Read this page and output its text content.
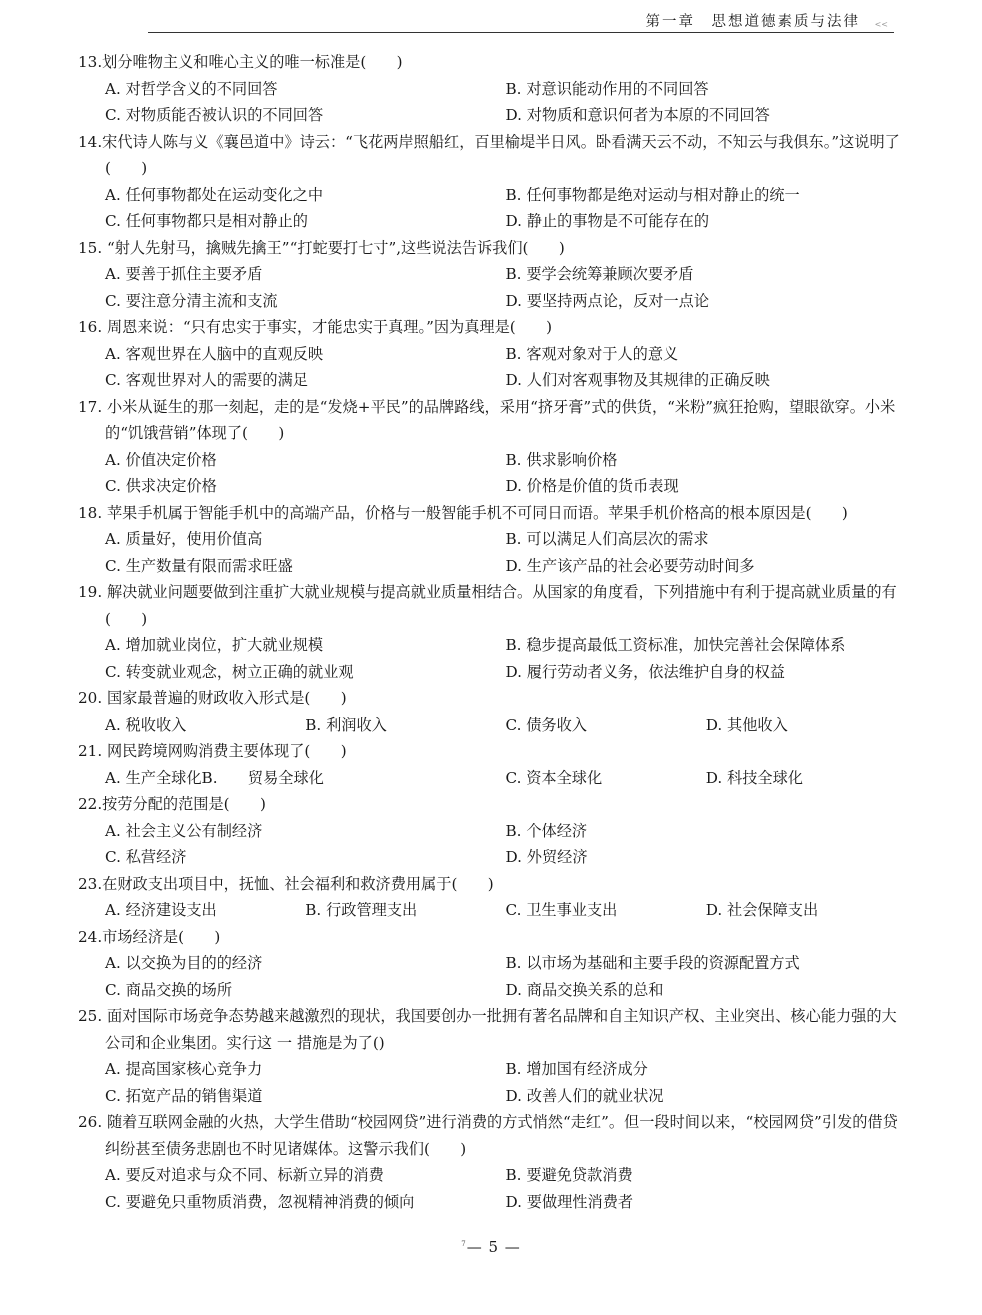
第一章　思想道德素质与法律 <<
13.划分唯物主义和唯心主义的唯一标准是(　　)
A. 对哲学含义的不同回答	B. 对意识能动作用的不同回答
C. 对物质能否被认识的不同回答	D. 对物质和意识何者为本原的不同回答
14.宋代诗人陈与义《襄邑道中》诗云：“飞花两岸照船红，百里榆堤半日风。卧看满天云不动，不知云与我俱东。”这说明了(　　)
A. 任何事物都处在运动变化之中	B. 任何事物都是绝对运动与相对静止的统一
C. 任何事物都只是相对静止的	D. 静止的事物是不可能存在的
15. “射人先射马，擒贼先擒王”“打蛇要打七寸”,这些说法告诉我们(　　)
A. 要善于抓住主要矛盾	B. 要学会统筹兼顾次要矛盾
C. 要注意分清主流和支流	D. 要坚持两点论，反对一点论
16. 周恩来说：“只有忠实于事实，才能忠实于真理。”因为真理是(　　)
A. 客观世界在人脑中的直观反映	B. 客观对象对于人的意义
C. 客观世界对人的需要的满足	D. 人们对客观事物及其规律的正确反映
17. 小米从诞生的那一刻起，走的是“发烧+平民”的品牌路线，采用“挤牙膏”式的供货，“米粉”疯狂抢购，望眼欲穿。小米的“饥饿营销”体现了(　　)
A. 价值决定价格	B. 供求影响价格
C. 供求决定价格	D. 价格是价值的货币表现
18. 苹果手机属于智能手机中的高端产品，价格与一般智能手机不可同日而语。苹果手机价格高的根本原因是(　　)
A. 质量好，使用价值高	B. 可以满足人们高层次的需求
C. 生产数量有限而需求旺盛	D. 生产该产品的社会必要劳动时间多
19. 解决就业问题要做到注重扩大就业规模与提高就业质量相结合。从国家的角度看，下列措施中有利于提高就业质量的有(　　)
A. 增加就业岗位，扩大就业规模	B. 稳步提高最低工资标准，加快完善社会保障体系
C. 转变就业观念，树立正确的就业观	D. 履行劳动者义务，依法维护自身的权益
20. 国家最普遍的财政收入形式是(　　)
A. 税收收入	B. 利润收入	C. 债务收入	D. 其他收入
21. 网民跨境网购消费主要体现了(　　)
A. 生产全球化B.　　贸易全球化	C. 资本全球化	D. 科技全球化
22.按劳分配的范围是(　　)
A. 社会主义公有制经济	B. 个体经济
C. 私营经济	D. 外贸经济
23.在财政支出项目中，抚恤、社会福利和救济费用属于(　　)
A. 经济建设支出	B. 行政管理支出	C. 卫生事业支出	D. 社会保障支出
24.市场经济是(　　)
A. 以交换为目的的经济	B. 以市场为基础和主要手段的资源配置方式
C. 商品交换的场所	D. 商品交换关系的总和
25. 面对国际市场竞争态势越来越激烈的现状，我国要创办一批拥有著名品牌和自主知识产权、主业突出、核心能力强的大公司和企业集团。实行这 一 措施是为了()
A. 提高国家核心竞争力	B. 增加国有经济成分
C. 拓宽产品的销售渠道	D. 改善人们的就业状况
26. 随着互联网金融的火热，大学生借助“校园网贷”进行消费的方式悄然“走红”。但一段时间以来，“校园网贷”引发的借贷纠纷甚至债务悲剧也不时见诸媒体。这警示我们(　　)
A. 要反对追求与众不同、标新立异的消费	B. 要避免贷款消费
C. 要避免只重物质消费，忽视精神消费的倾向	D. 要做理性消费者
$^7$— 5 —
